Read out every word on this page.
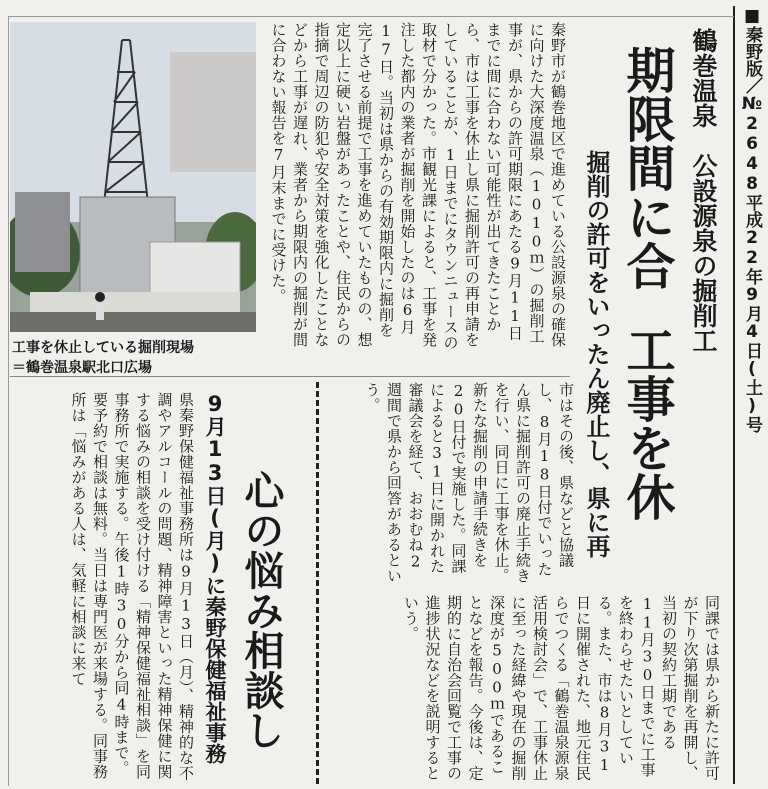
■秦野版／№2648平成22年9月4日(土)号
鶴巻温泉　公設源泉の掘削工
期限間に合
工事を休
掘削の許可をいったん廃止し、県に再
秦野市が鶴巻地区で進めている公設源泉の確保に向けた大深度温泉（1010ｍ）の掘削工事が、県からの許可期限にあたる9月11日までに間に合わない可能性が出てきたことから、市は工事を休止し県に掘削許可の再申請をしていることが、1日までにタウンニュースの取材で分かった。市観光課によると、工事を発注した都内の業者が掘削を開始したのは6月17日。当初は県からの有効期限内に掘削を完了させる前提で工事を進めていたものの、想定以上に硬い岩盤があったことや、住民からの指摘で周辺の防犯や安全対策を強化したことなどから工事が遅れ、業者から期限内の掘削が間に合わない報告を7月末までに受けた。
工事を休止している掘削現場
＝鶴巻温泉駅北口広場
市はその後、県などと協議し、8月18日付でいったん県に掘削許可の廃止手続きを行い、同日に工事を休止。新たな掘削の申請手続きを20日付で実施した。同課によると31日に開かれた審議会を経て、おおむね2週間で県から回答があるという。
同課では県から新たに許可が下り次第掘削を再開し、当初の契約工期である11月30日までに工事を終わらせたいとしている。また、市は8月31日に開催された、地元住民らでつくる「鶴巻温泉源泉活用検討会」で、工事休止に至った経緯や現在の掘削深度が500ｍであることなどを報告。今後は、定期的に自治会回覧で工事の進捗状況などを説明するという。
心の悩み相談し
9月13日(月)に秦野保健福祉事務
県秦野保健福祉事務所は9月13日（月）、精神的な不調やアルコールの問題、精神障害といった精神保健に関する悩みの相談を受け付ける「精神保健福祉相談」を同事務所で実施する。午後1時30分から同4時まで。要予約で相談は無料。当日は専門医が来場する。同事務所は「悩みがある人は、気軽に相談に来て
